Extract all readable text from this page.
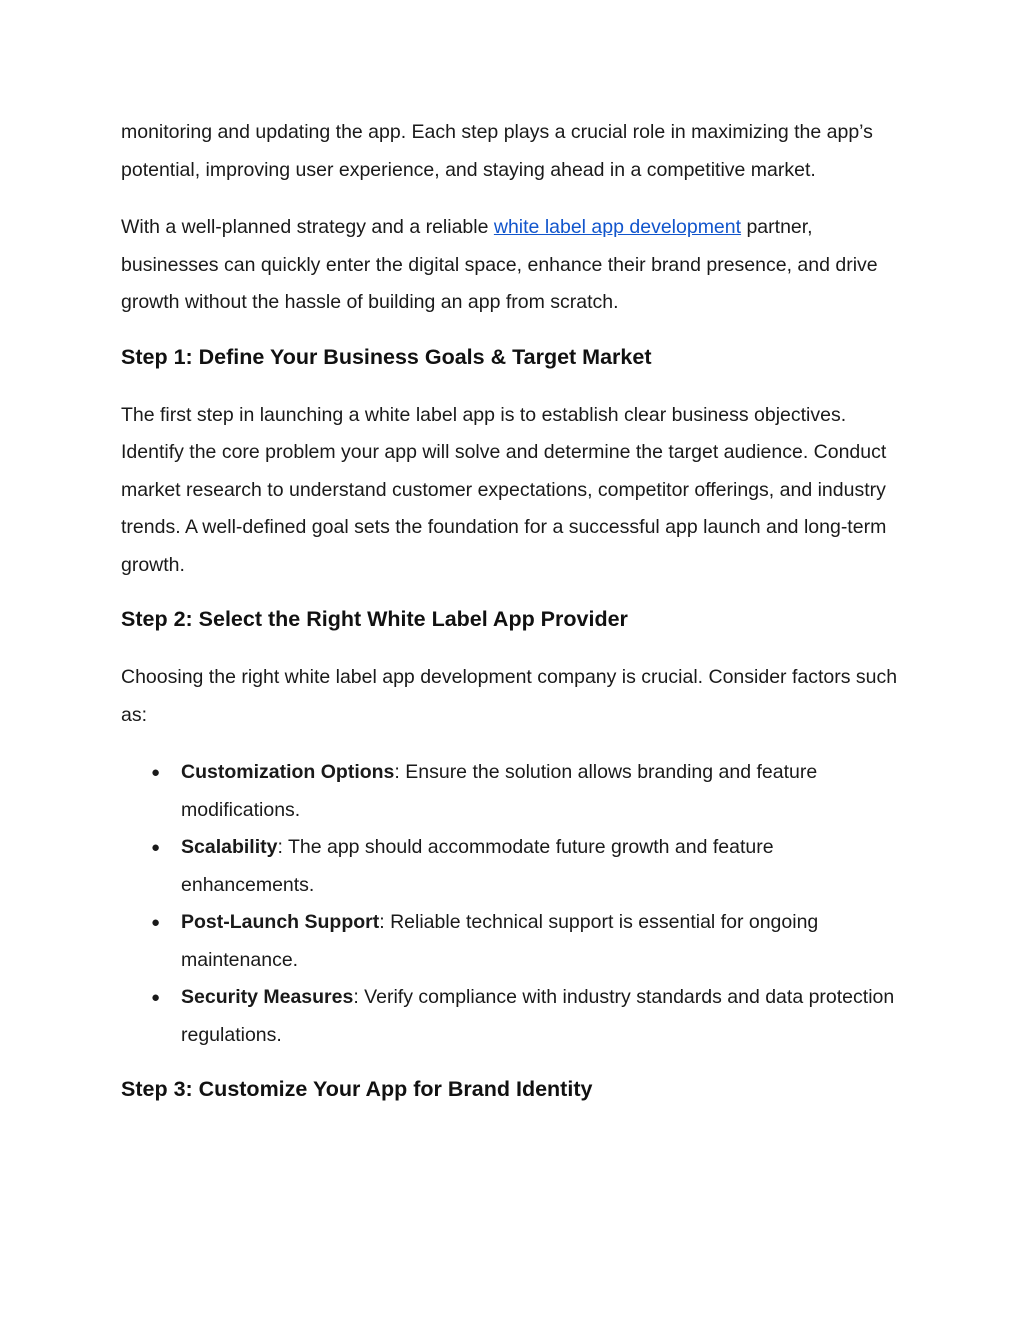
monitoring and updating the app. Each step plays a crucial role in maximizing the app’s potential, improving user experience, and staying ahead in a competitive market.

With a well-planned strategy and a reliable white label app development partner, businesses can quickly enter the digital space, enhance their brand presence, and drive growth without the hassle of building an app from scratch.

Step 1: Define Your Business Goals & Target Market

The first step in launching a white label app is to establish clear business objectives. Identify the core problem your app will solve and determine the target audience. Conduct market research to understand customer expectations, competitor offerings, and industry trends. A well-defined goal sets the foundation for a successful app launch and long-term growth.

Step 2: Select the Right White Label App Provider

Choosing the right white label app development company is crucial. Consider factors such as:

● Customization Options: Ensure the solution allows branding and feature modifications.
● Scalability: The app should accommodate future growth and feature enhancements.
● Post-Launch Support: Reliable technical support is essential for ongoing maintenance.
● Security Measures: Verify compliance with industry standards and data protection regulations.
Step 3: Customize Your App for Brand Identity
